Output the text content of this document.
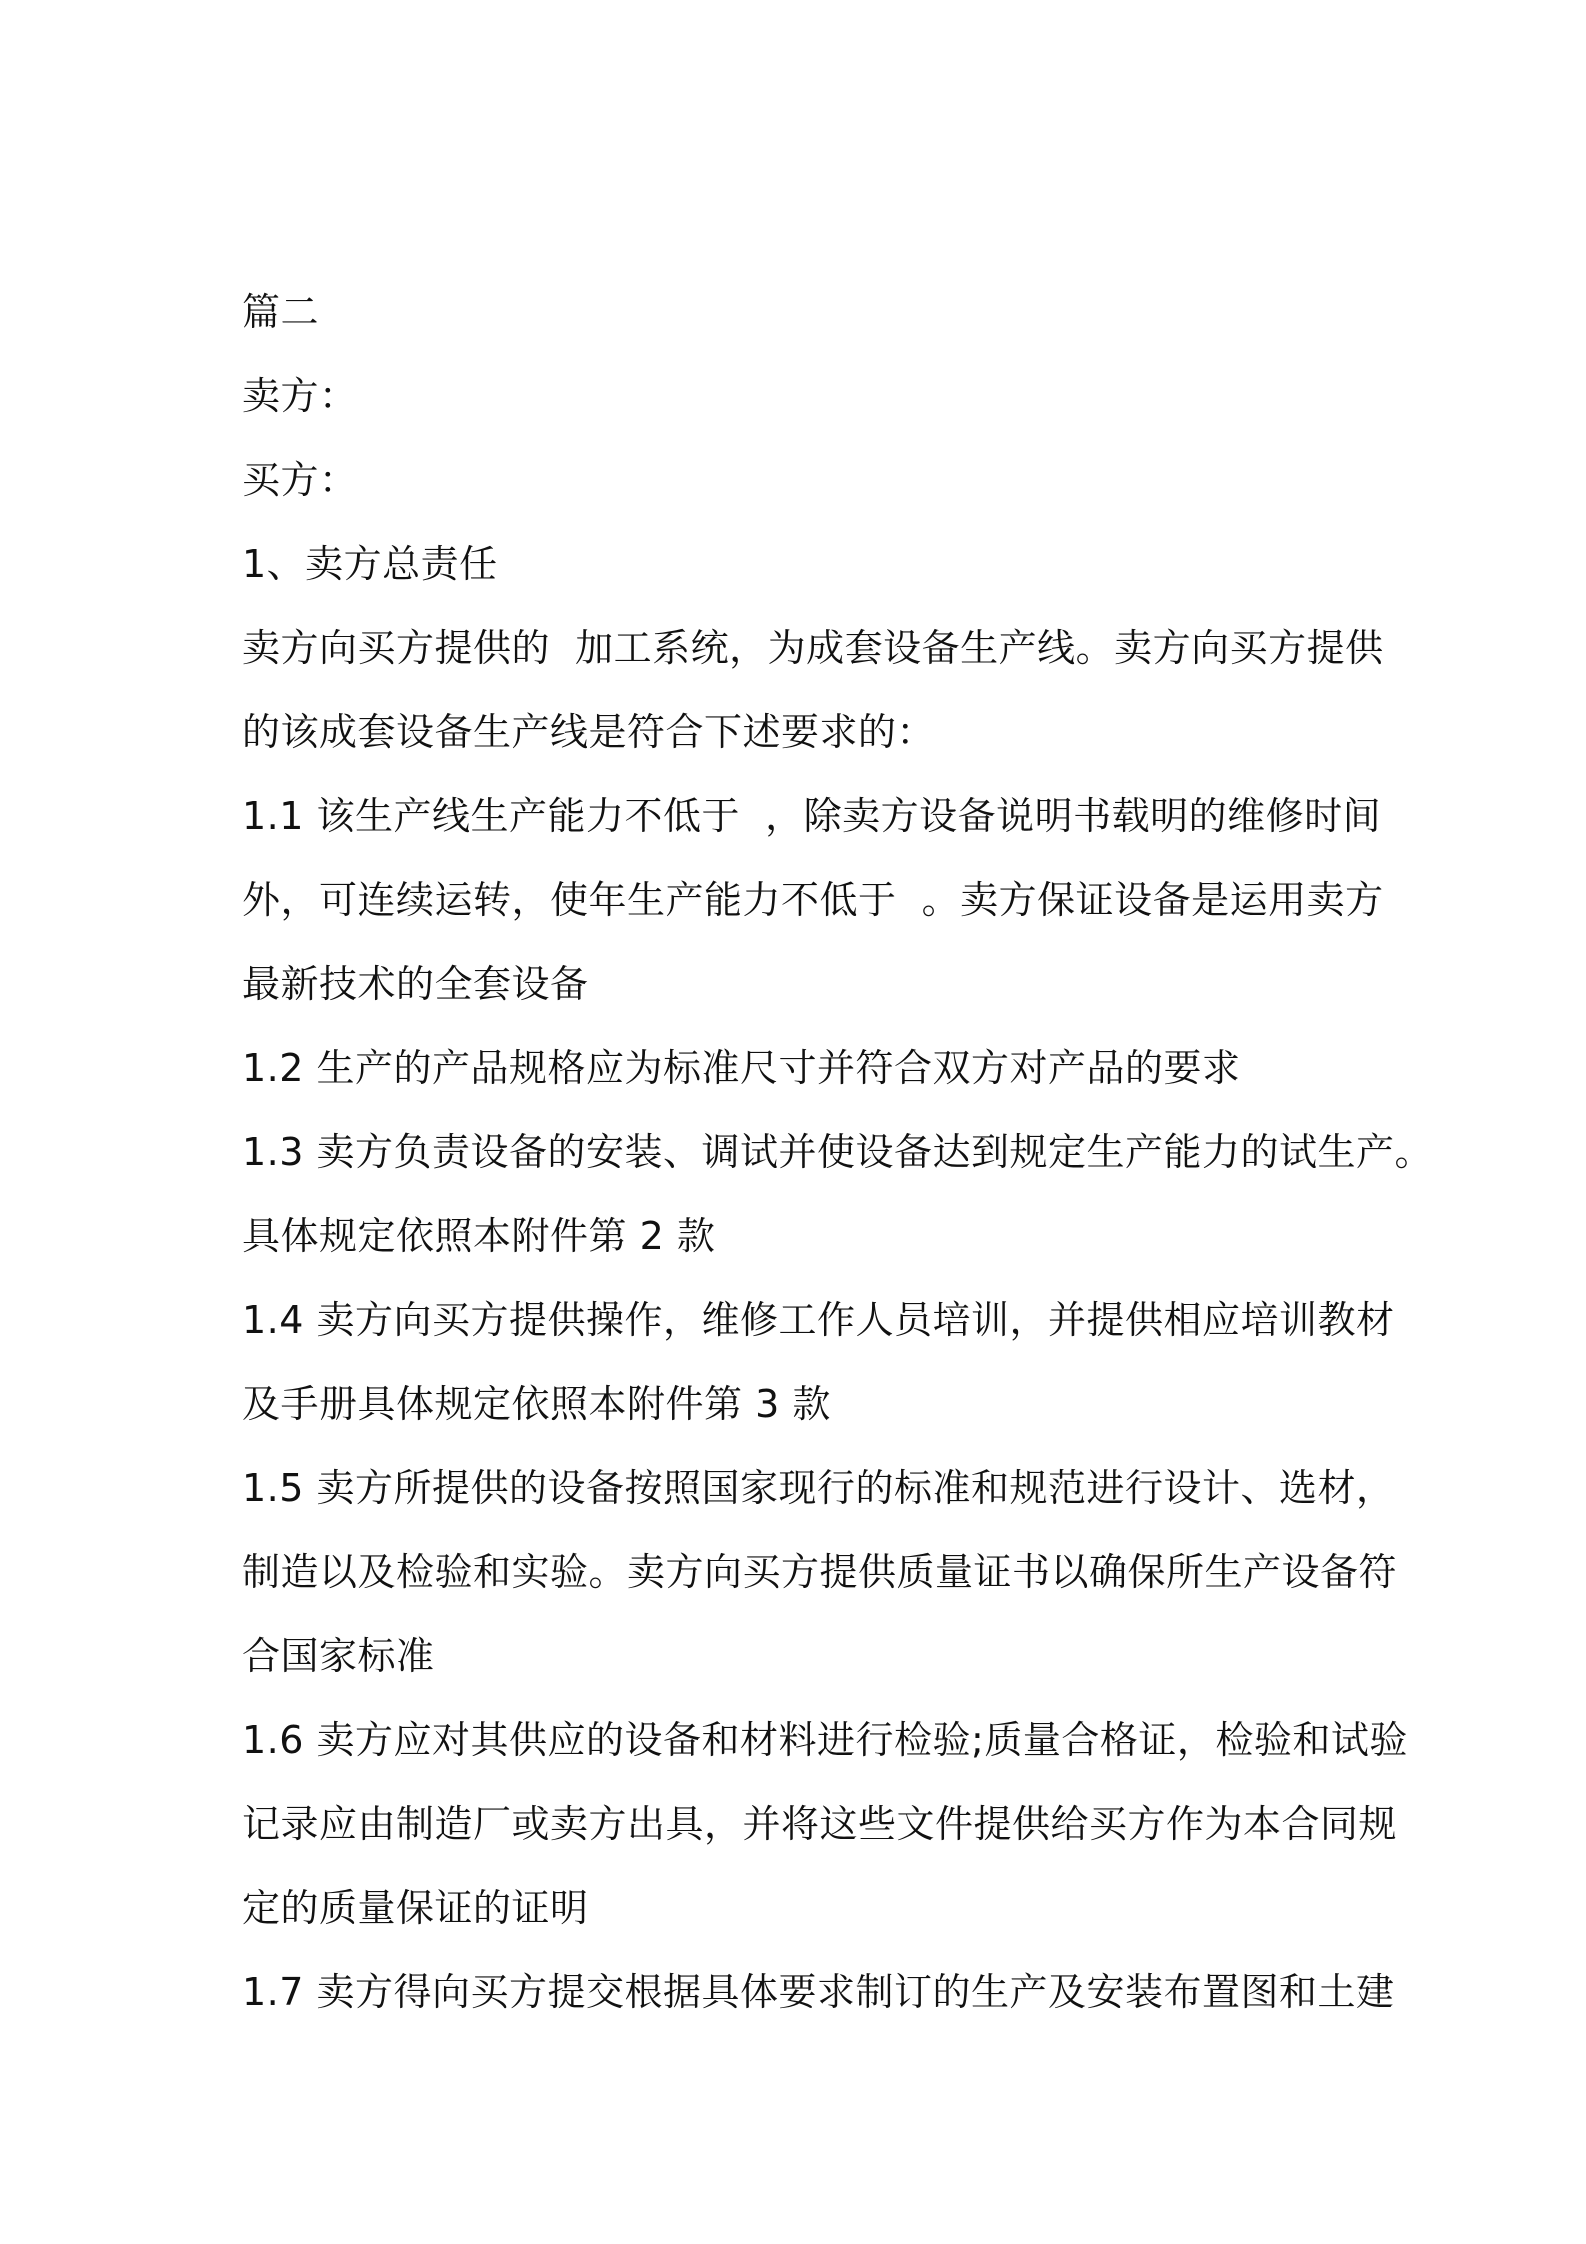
篇二
卖方：
买方：
1、卖方总责任
卖方向买方提供的  加工系统，为成套设备生产线。卖方向买方提供
的该成套设备生产线是符合下述要求的：
1.1 该生产线生产能力不低于  ，除卖方设备说明书载明的维修时间
外，可连续运转，使年生产能力不低于  。卖方保证设备是运用卖方
最新技术的全套设备
1.2 生产的产品规格应为标准尺寸并符合双方对产品的要求
1.3 卖方负责设备的安装、调试并使设备达到规定生产能力的试生产。
具体规定依照本附件第 2 款
1.4 卖方向买方提供操作，维修工作人员培训，并提供相应培训教材
及手册具体规定依照本附件第 3 款
1.5 卖方所提供的设备按照国家现行的标准和规范进行设计、选材，
制造以及检验和实验。卖方向买方提供质量证书以确保所生产设备符
合国家标准
1.6 卖方应对其供应的设备和材料进行检验;质量合格证，检验和试验
记录应由制造厂或卖方出具，并将这些文件提供给买方作为本合同规
定的质量保证的证明
1.7 卖方得向买方提交根据具体要求制订的生产及安装布置图和土建
